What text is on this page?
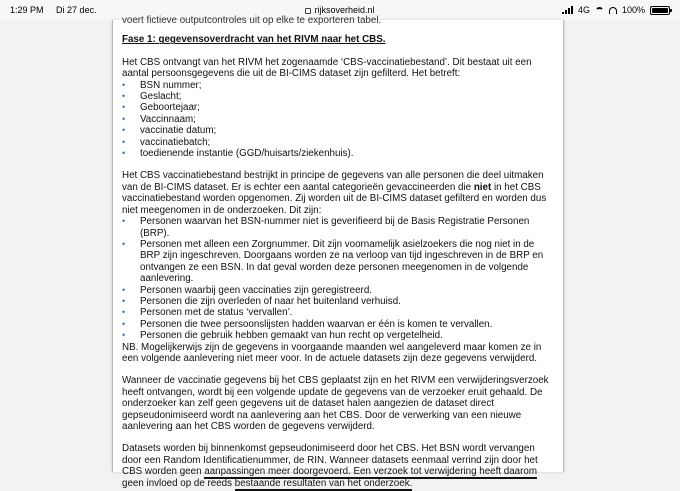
1:29 PM Di 27 dec.	rijksoverheid.nl	4G	100%
voert fictieve outputcontroles uit op elke te exporteren tabel.
Fase 1: gegevensoverdracht van het RIVM naar het CBS.

Het CBS ontvangt van het RIVM het zogenaamde ‘CBS-vaccinatiebestand’. Dit bestaat uit een aantal persoonsgegevens die uit de BI-CIMS dataset zijn gefilterd. Het betreft:

• BSN nummer;
• Geslacht;
• Geboortejaar;
• Vaccinnaam;
• vaccinatie datum;
• vaccinatiebatch;
• toedienende instantie (GGD/huisarts/ziekenhuis).

Het CBS vaccinatiebestand bestrijkt in principe de gegevens van alle personen die deel uitmaken van de BI-CIMS dataset. Er is echter een aantal categorieën gevaccineerden die niet in het CBS vaccinatiebestand worden opgenomen. Zij worden uit de BI-CIMS dataset gefilterd en worden dus niet meegenomen in de onderzoeken. Dit zijn:

• Personen waarvan het BSN-nummer niet is geverifieerd bij de Basis Registratie Personen (BRP).
• Personen met alleen een Zorgnummer. Dit zijn voornamelijk asielzoekers die nog niet in de BRP zijn ingeschreven. Doorgaans worden ze na verloop van tijd ingeschreven in de BRP en ontvangen ze een BSN. In dat geval worden deze personen meegenomen in de volgende aanlevering.
• Personen waarbij geen vaccinaties zijn geregistreerd.
• Personen die zijn overleden of naar het buitenland verhuisd.
• Personen met de status ‘vervallen’.
• Personen die twee persoonslijsten hadden waarvan er één is komen te vervallen.
• Personen die gebruik hebben gemaakt van hun recht op vergetelheid.

NB. Mogelijkerwijs zijn de gegevens in voorgaande maanden wel aangeleverd maar komen ze in een volgende aanlevering niet meer voor. In de actuele datasets zijn deze gegevens verwijderd.

Wanneer de vaccinatie gegevens bij het CBS geplaatst zijn en het RIVM een verwijderingsverzoek heeft ontvangen, wordt bij een volgende update de gegevens van de verzoeker eruit gehaald. De onderzoeker kan zelf geen gegevens uit de dataset halen aangezien de dataset direct gepseudonimiseerd wordt na aanlevering aan het CBS. Door de verwerking van een nieuwe aanlevering aan het CBS worden de gegevens verwijderd.

Datasets worden bij binnenkomst gepseudonimiseerd door het CBS. Het BSN wordt vervangen door een Random Identificatienummer, de RIN. Wanneer datasets eenmaal verrind zijn door het CBS worden geen aanpassingen meer doorgevoerd. Een verzoek tot verwijdering heeft daarom geen invloed op de reeds bestaande resultaten van het onderzoek.
